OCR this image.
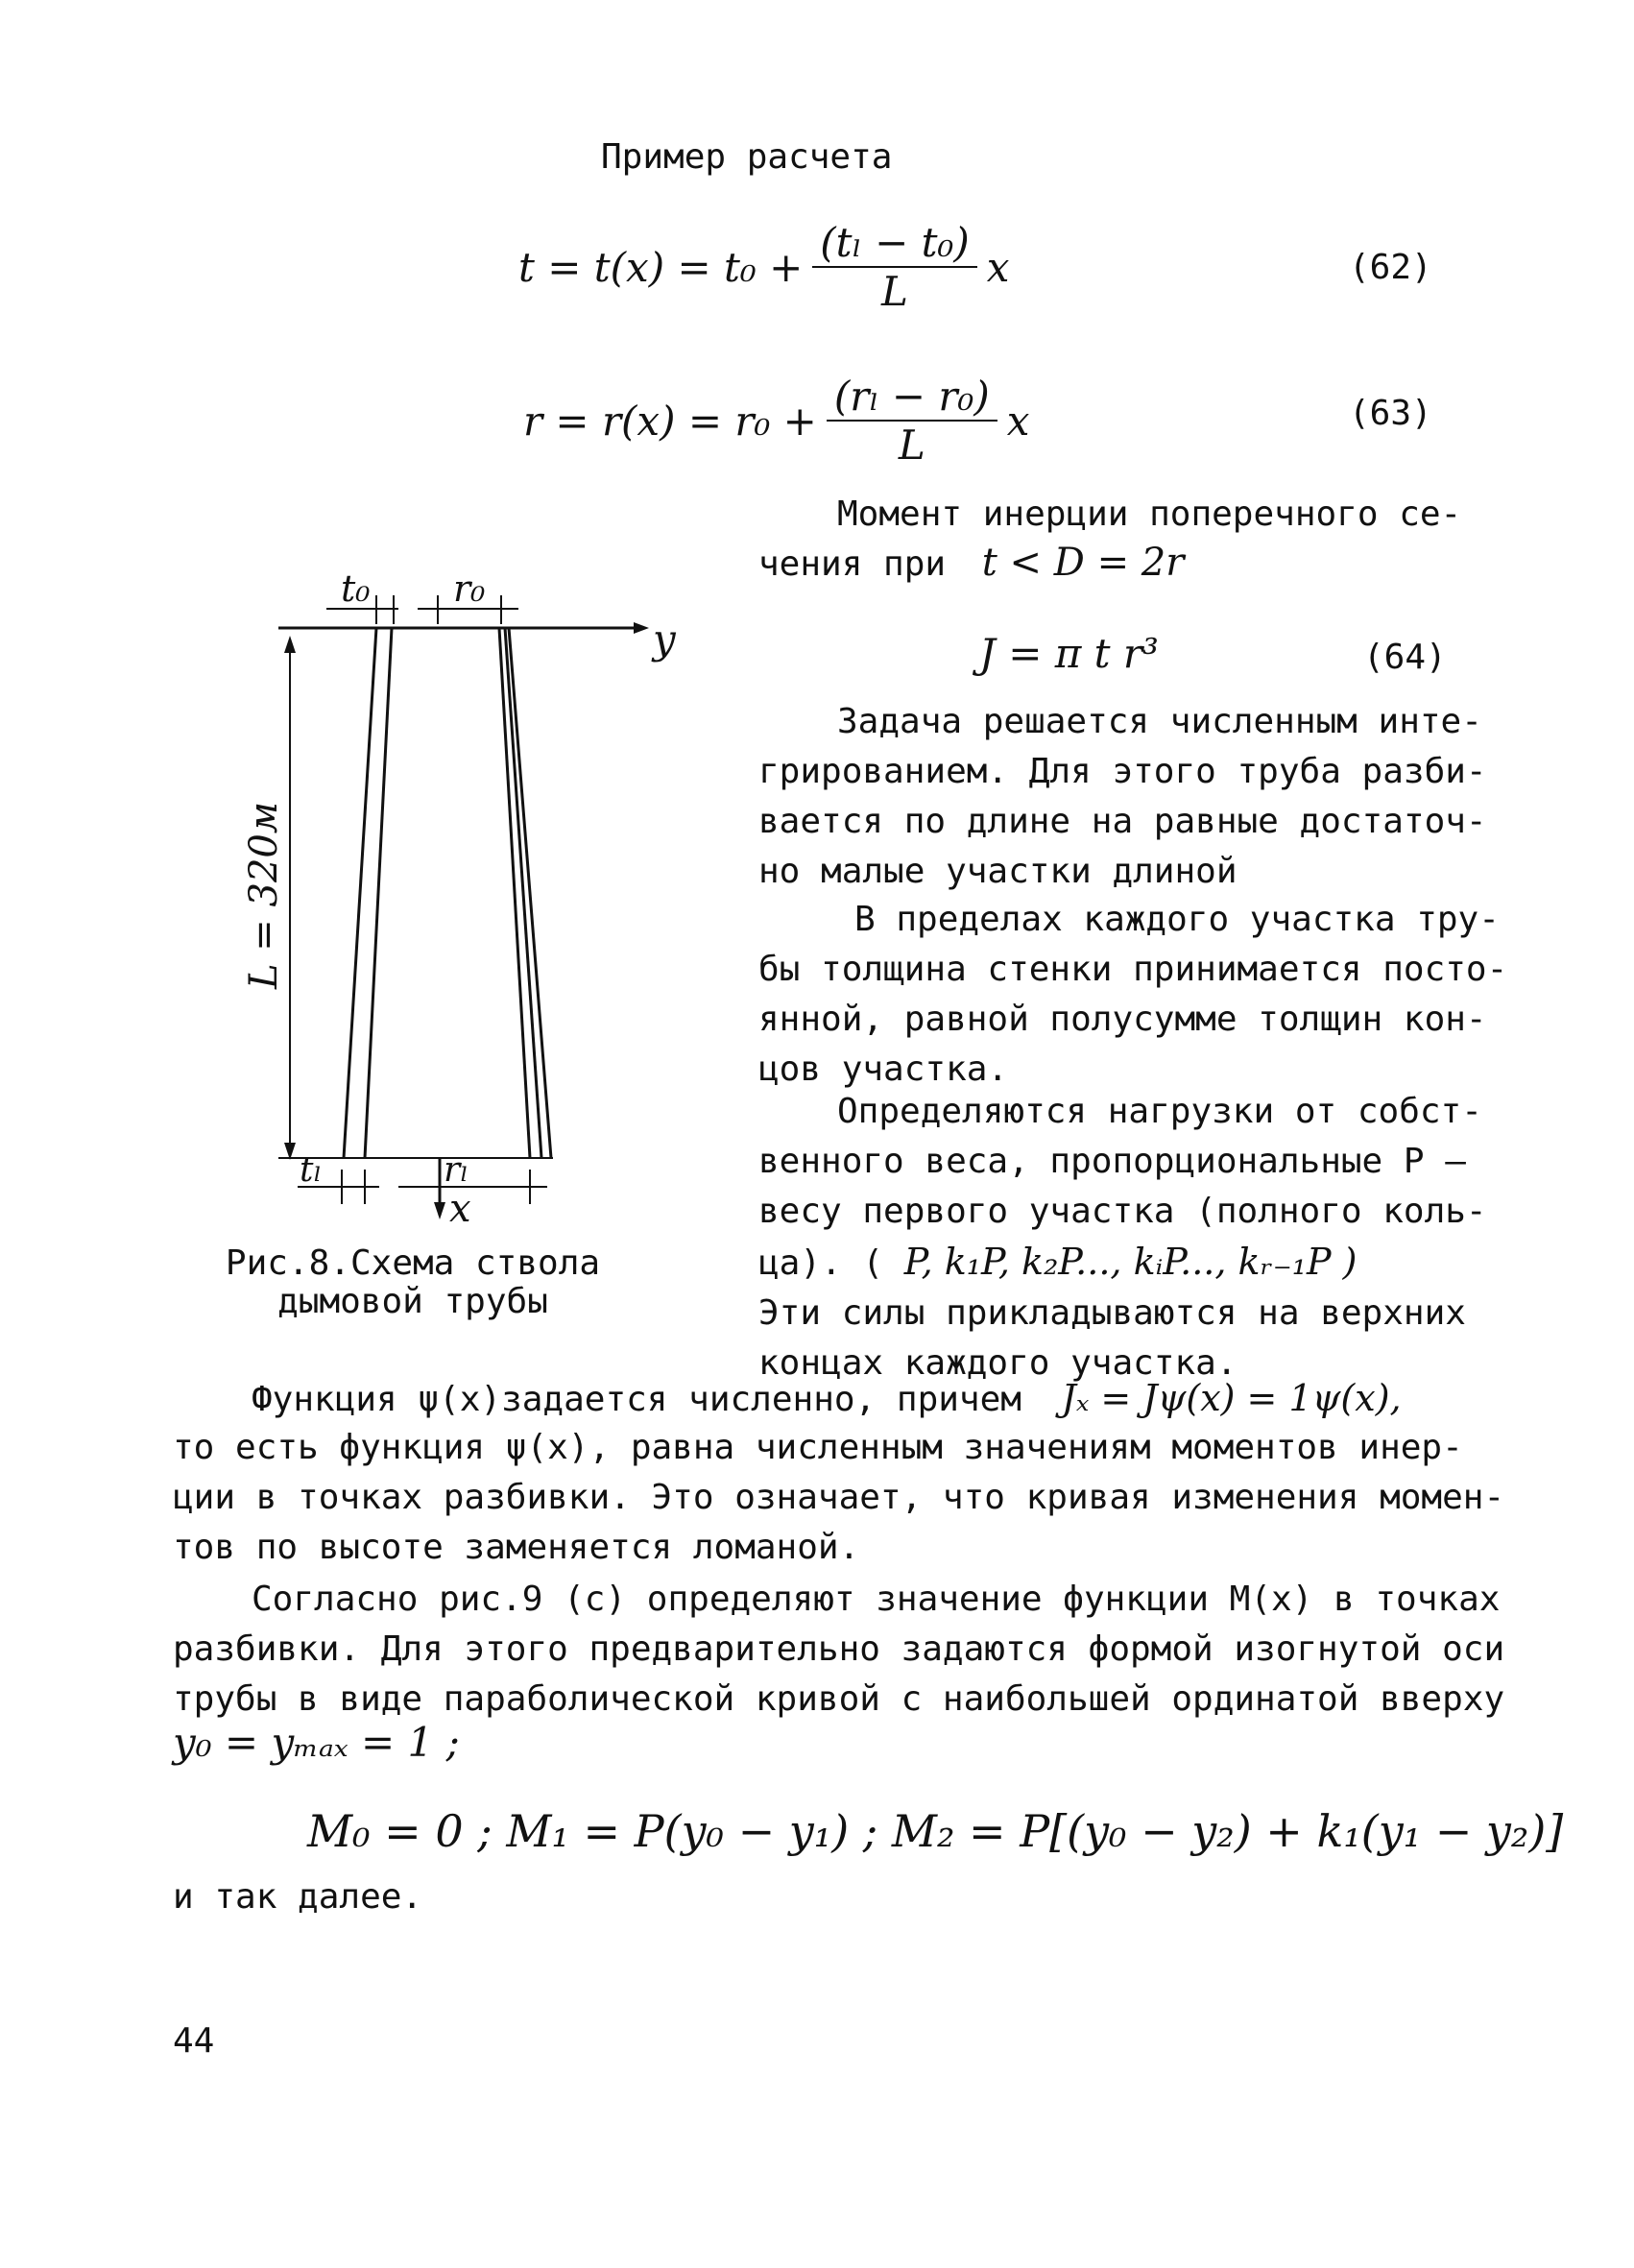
Пример расчета
$t = t(x) = t_0 + \frac{\text{(tₗ − t₀)}}{L}$ x	(62)
$r = r(x) = r_0 + \frac{\text{(rₗ − r₀)}}{L}$ x	(63)
Момент инерции поперечного се-
чения при t < D = 2r
J = π t r³	(64)
Задача решается численным инте-
грированием. Для этого труба разби-
вается по длине на равные достаточ-
но малые участки длиной
В пределах каждого участка тру-
бы толщина стенки принимается посто-
янной, равной полусумме толщин кон-
цов участка.
Определяются нагрузки от собст-
венного веса, пропорциональные P –
весу первого участка (полного коль-
ца). ( P, k₁P, k₂P..., kᵢP..., kᵣ₋₁P )
Эти силы прикладываются на верхних
концах каждого участка.
t₀ r₀
y
L = 320м
tₗ	rₗ
x
Рис.8.Схема ствола
дымовой трубы
Функция ψ(x)задается численно, причем Jₓ = Jψ(x) = 1ψ(x),
то есть функция ψ(x), равна численным значениям моментов инер-
ции в точках разбивки. Это означает, что кривая изменения момен-
тов по высоте заменяется ломаной.
Согласно рис.9 (с) определяют значение функции M(x) в точках
разбивки. Для этого предварительно задаются формой изогнутой оси
трубы в виде параболической кривой с наибольшей ординатой вверху
y₀ = yₘₐₓ = 1 ;
M₀ = 0 ; M₁ = P(y₀ − y₁) ; M₂ = P[(y₀ − y₂) + k₁(y₁ − y₂)]
и так далее.
44
